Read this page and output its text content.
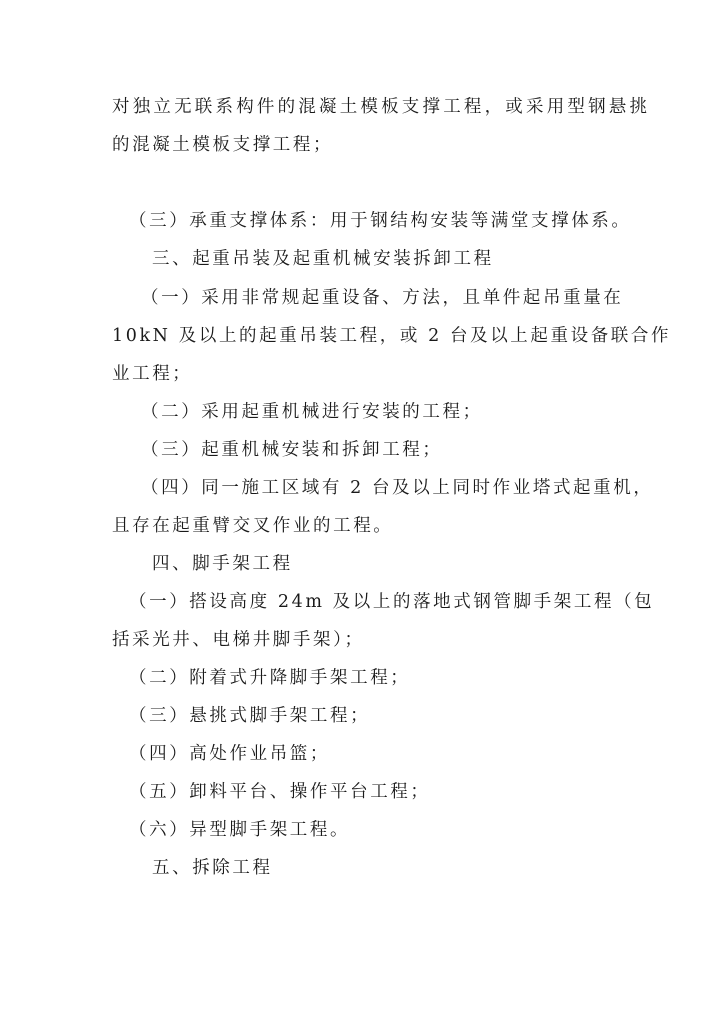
对独立无联系构件的混凝土模板支撑工程，或采用型钢悬挑
的混凝土模板支撑工程；
（三）承重支撑体系：用于钢结构安装等满堂支撑体系。
三、起重吊装及起重机械安装拆卸工程
（一）采用非常规起重设备、方法，且单件起吊重量在
10kN 及以上的起重吊装工程，或 2 台及以上起重设备联合作
业工程；
（二）采用起重机械进行安装的工程；
（三）起重机械安装和拆卸工程；
（四）同一施工区域有 2 台及以上同时作业塔式起重机，
且存在起重臂交叉作业的工程。
四、脚手架工程
（一）搭设高度 24m 及以上的落地式钢管脚手架工程（包
括采光井、电梯井脚手架）；
（二）附着式升降脚手架工程；
（三）悬挑式脚手架工程；
（四）高处作业吊篮；
（五）卸料平台、操作平台工程；
（六）异型脚手架工程。
五、拆除工程
